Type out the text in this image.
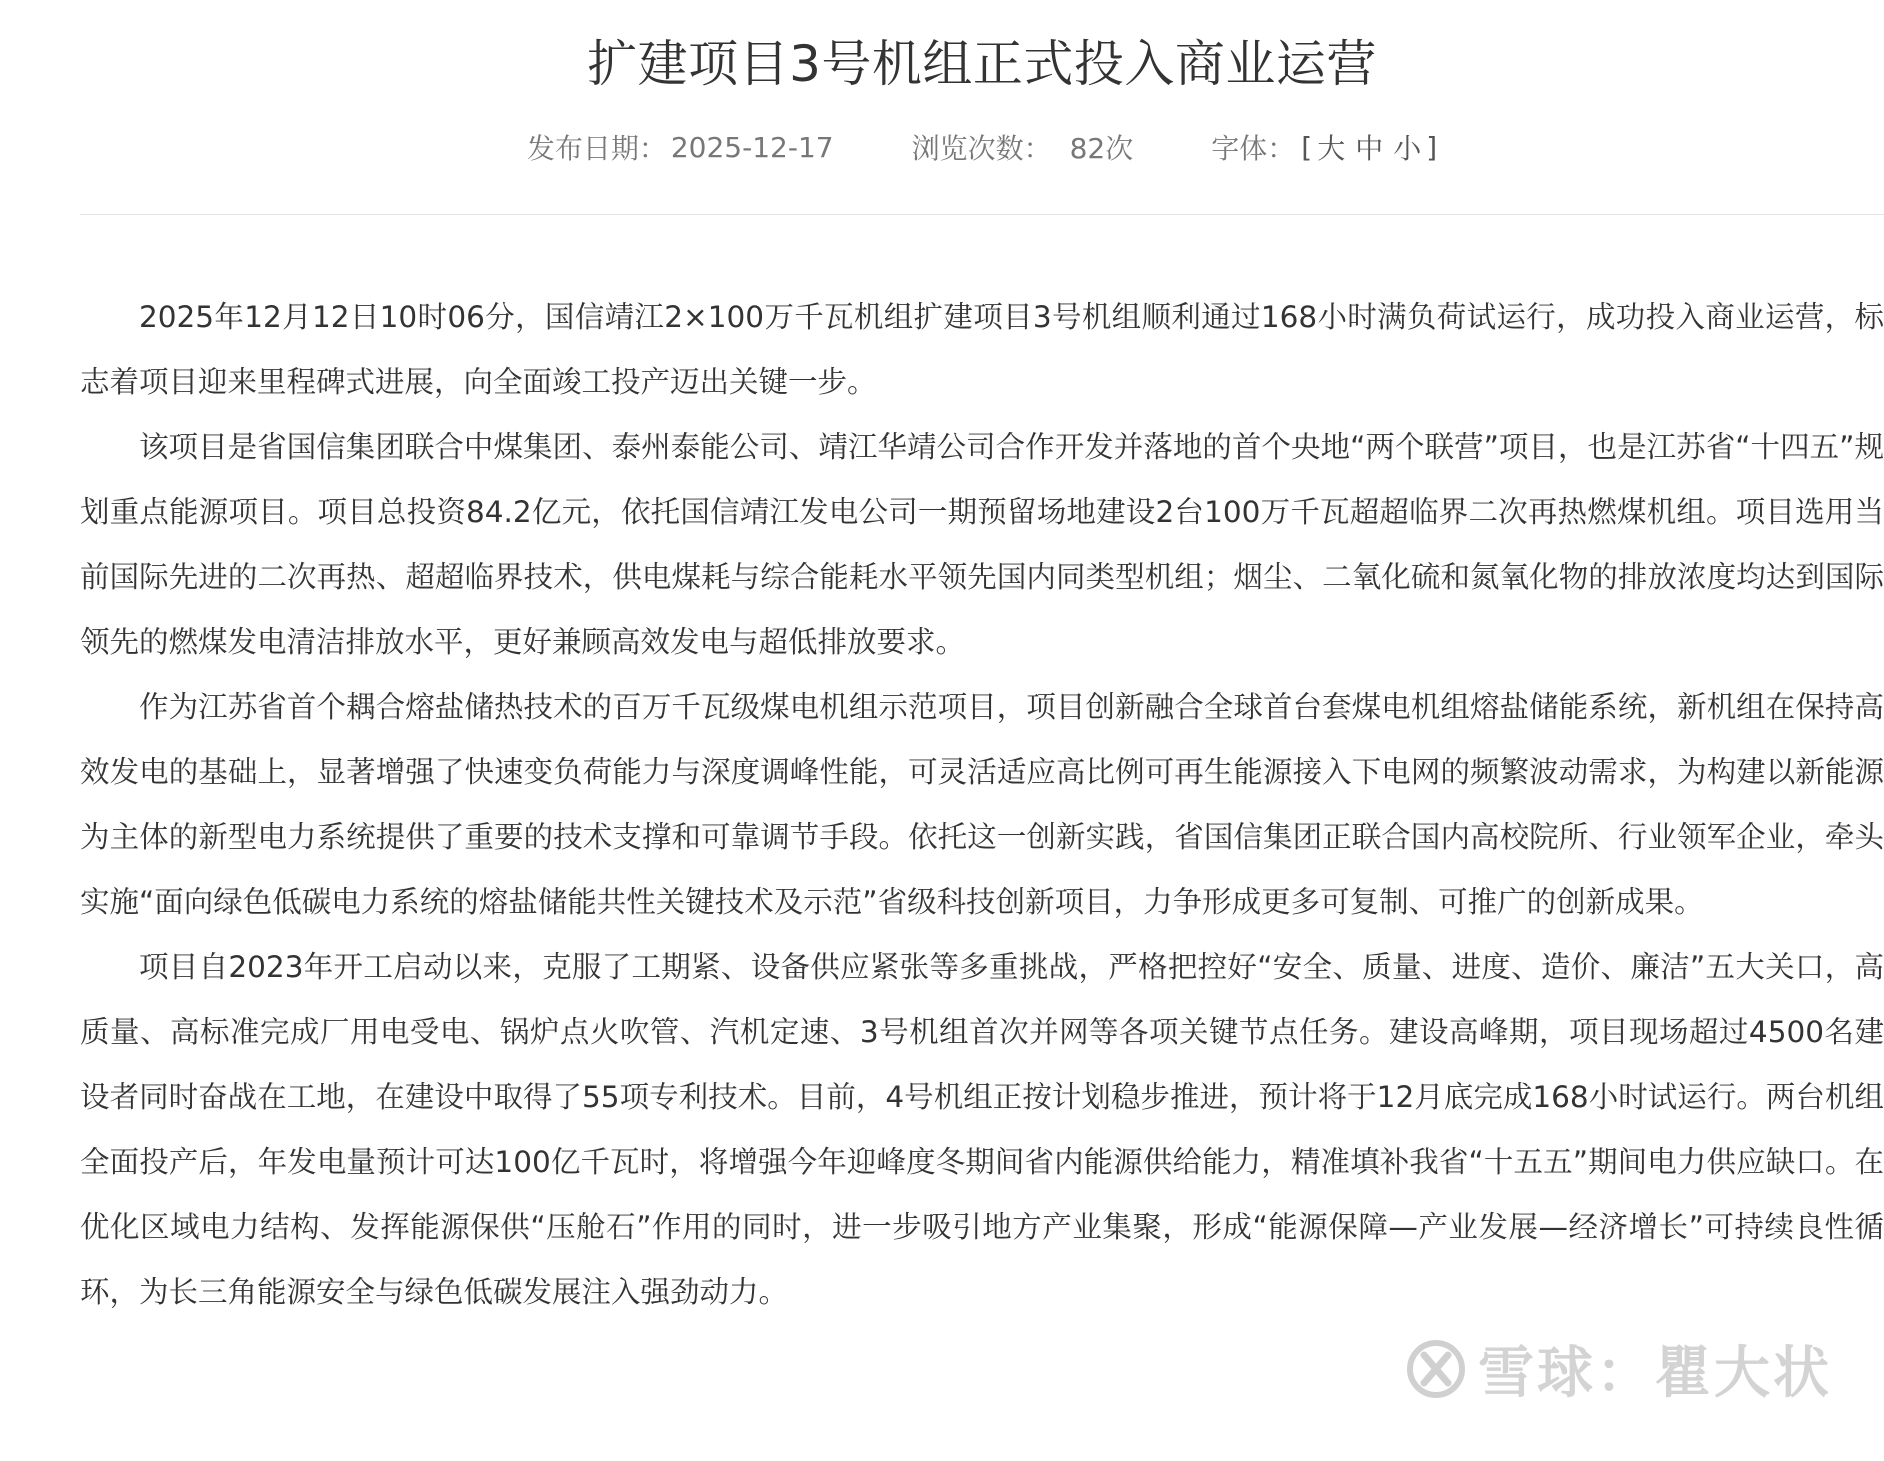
扩建项目3号机组正式投入商业运营
发布日期： 2025-12-17	浏览次数： 82次	字体： [ 大 中 小 ]

2025年12月12日10时06分，国信靖江2×100万千瓦机组扩建项目3号机组顺利通过168小时满负荷试运行，成功投入商业运营，标志着项目迎来里程碑式进展，向全面竣工投产迈出关键一步。

该项目是省国信集团联合中煤集团、泰州泰能公司、靖江华靖公司合作开发并落地的首个央地“两个联营”项目，也是江苏省“十四五”规划重点能源项目。项目总投资84.2亿元，依托国信靖江发电公司一期预留场地建设2台100万千瓦超超临界二次再热燃煤机组。项目选用当前国际先进的二次再热、超超临界技术，供电煤耗与综合能耗水平领先国内同类型机组；烟尘、二氧化硫和氮氧化物的排放浓度均达到国际领先的燃煤发电清洁排放水平，更好兼顾高效发电与超低排放要求。

作为江苏省首个耦合熔盐储热技术的百万千瓦级煤电机组示范项目，项目创新融合全球首台套煤电机组熔盐储能系统，新机组在保持高效发电的基础上，显著增强了快速变负荷能力与深度调峰性能，可灵活适应高比例可再生能源接入下电网的频繁波动需求，为构建以新能源为主体的新型电力系统提供了重要的技术支撑和可靠调节手段。依托这一创新实践，省国信集团正联合国内高校院所、行业领军企业，牵头实施“面向绿色低碳电力系统的熔盐储能共性关键技术及示范”省级科技创新项目，力争形成更多可复制、可推广的创新成果。

项目自2023年开工启动以来，克服了工期紧、设备供应紧张等多重挑战，严格把控好“安全、质量、进度、造价、廉洁”五大关口，高质量、高标准完成厂用电受电、锅炉点火吹管、汽机定速、3号机组首次并网等各项关键节点任务。建设高峰期，项目现场超过4500名建设者同时奋战在工地，在建设中取得了55项专利技术。目前，4号机组正按计划稳步推进，预计将于12月底完成168小时试运行。两台机组全面投产后，年发电量预计可达100亿千瓦时，将增强今年迎峰度冬期间省内能源供给能力，精准填补我省“十五五”期间电力供应缺口。在优化区域电力结构、发挥能源保供“压舱石”作用的同时，进一步吸引地方产业集聚，形成“能源保障—产业发展—经济增长”可持续良性循环，为长三角能源安全与绿色低碳发展注入强劲动力。

雪球：瞿大状
